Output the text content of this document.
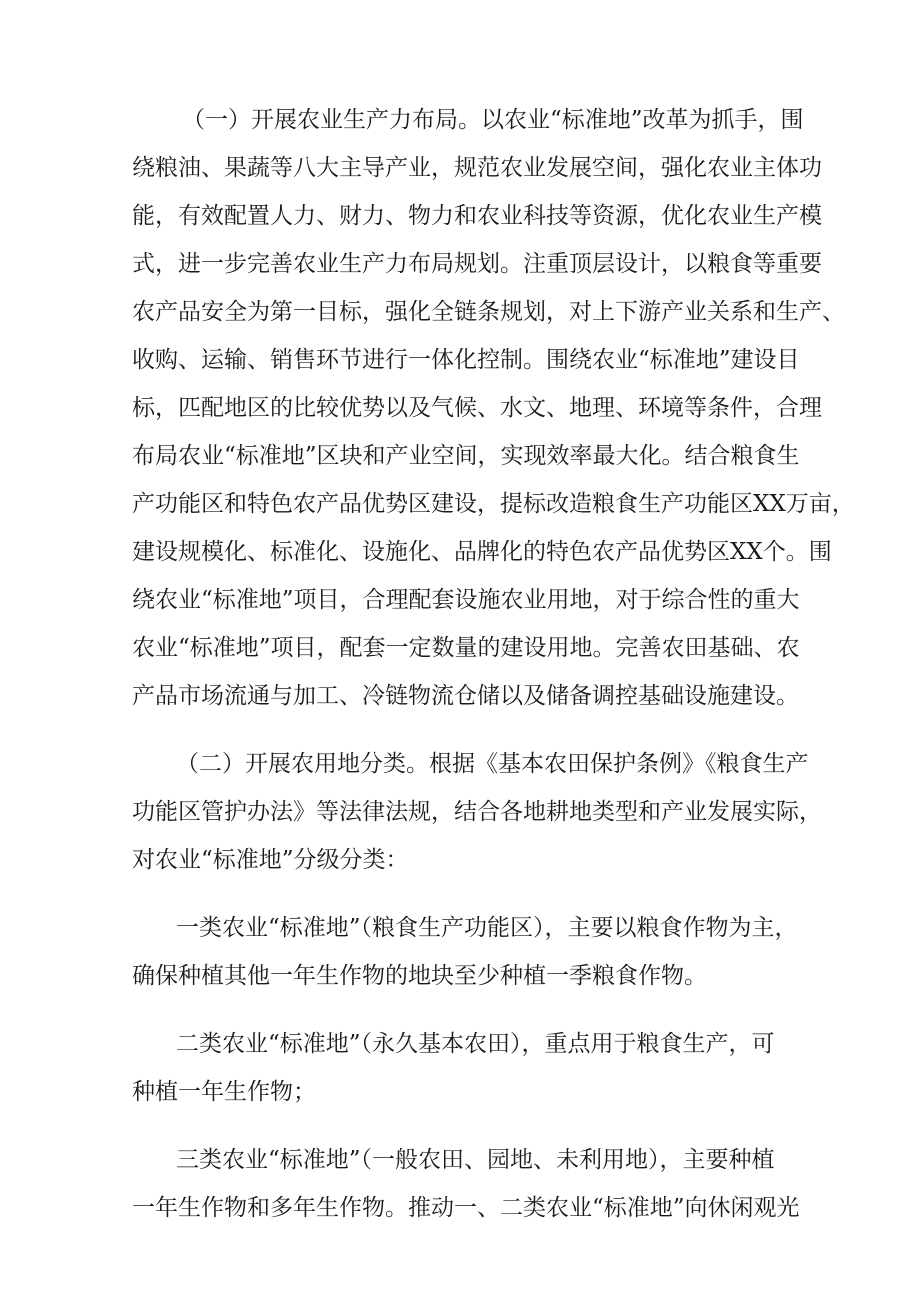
（一）开展农业生产力布局。以农业“标准地”改革为抓手，围
绕粮油、果蔬等八大主导产业，规范农业发展空间，强化农业主体功
能，有效配置人力、财力、物力和农业科技等资源，优化农业生产模
式，进一步完善农业生产力布局规划。注重顶层设计，以粮食等重要
农产品安全为第一目标，强化全链条规划，对上下游产业关系和生产、
收购、运输、销售环节进行一体化控制。围绕农业“标准地”建设目
标，匹配地区的比较优势以及气候、水文、地理、环境等条件，合理
布局农业“标准地”区块和产业空间，实现效率最大化。结合粮食生
产功能区和特色农产品优势区建设，提标改造粮食生产功能区XX万亩，
建设规模化、标准化、设施化、品牌化的特色农产品优势区XX个。围
绕农业“标准地”项目，合理配套设施农业用地，对于综合性的重大
农业“标准地”项目，配套一定数量的建设用地。完善农田基础、农
产品市场流通与加工、冷链物流仓储以及储备调控基础设施建设。
（二）开展农用地分类。根据《基本农田保护条例》《粮食生产
功能区管护办法》等法律法规，结合各地耕地类型和产业发展实际，
对农业“标准地”分级分类：
一类农业“标准地”（粮食生产功能区），主要以粮食作物为主，
确保种植其他一年生作物的地块至少种植一季粮食作物。
二类农业“标准地”（永久基本农田），重点用于粮食生产，可
种植一年生作物；
三类农业“标准地”（一般农田、园地、未利用地），主要种植
一年生作物和多年生作物。推动一、二类农业“标准地”向休闲观光
